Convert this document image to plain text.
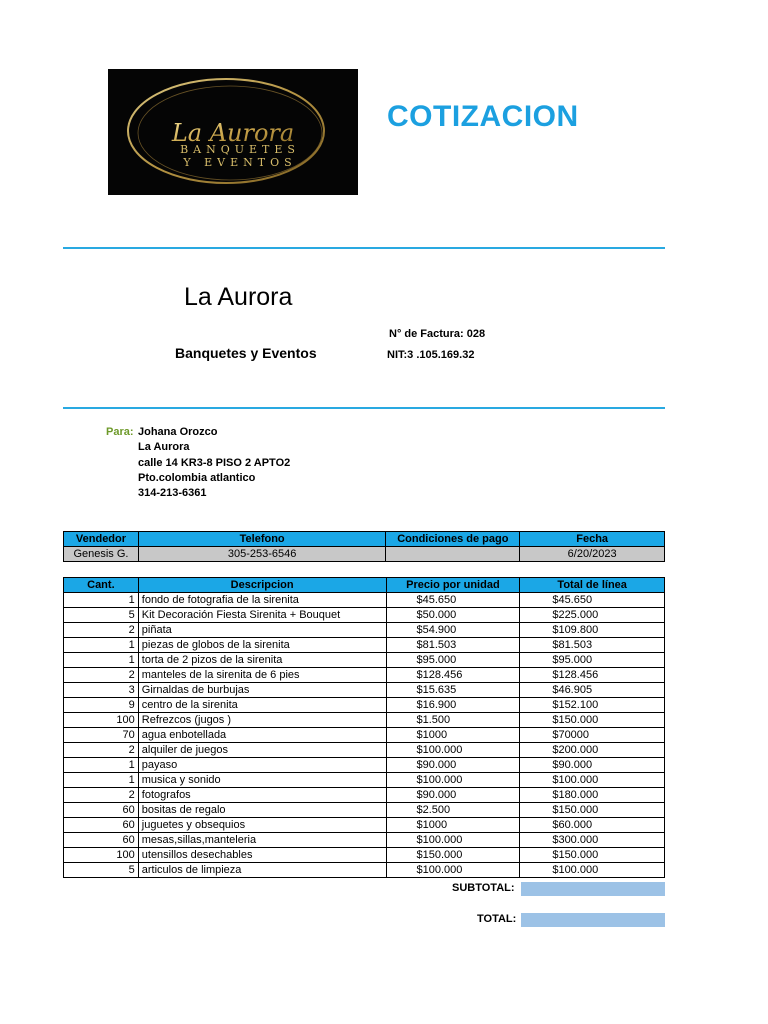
La Aurora
BANQUETES
Y EVENTOS
COTIZACION
La Aurora
Banquetes y Eventos
N° de Factura: 028
NIT:3 .105.169.32
Para: Johana Orozco
La Aurora
calle 14 KR3-8 PISO 2 APTO2
Pto.colombia atlantico
314-213-6361
Vendedor	Telefono	Condiciones de pago	Fecha
Genesis G.	305-253-6546		6/20/2023
Cant.	Descripcion	Precio por unidad	Total de línea
1	fondo de fotografia de la sirenita	$45.650	$45.650
5	Kit Decoración Fiesta Sirenita + Bouquet	$50.000	$225.000
2	piñata	$54.900	$109.800
1	piezas de globos de la sirenita	$81.503	$81.503
1	torta de 2 pizos de la sirenita	$95.000	$95.000
2	manteles de la sirenita de 6 pies	$128.456	$128.456
3	Girnaldas de burbujas	$15.635	$46.905
9	centro de la sirenita	$16.900	$152.100
100	Refrezcos (jugos )	$1.500	$150.000
70	agua enbotellada	$1000	$70000
2	alquiler de juegos	$100.000	$200.000
1	payaso	$90.000	$90.000
1	musica y sonido	$100.000	$100.000
2	fotografos	$90.000	$180.000
60	bositas de regalo	$2.500	$150.000
60	juguetes y obsequios	$1000	$60.000
60	mesas,sillas,manteleria	$100.000	$300.000
100	utensillos desechables	$150.000	$150.000
5	articulos de limpieza	$100.000	$100.000
SUBTOTAL:
TOTAL:
